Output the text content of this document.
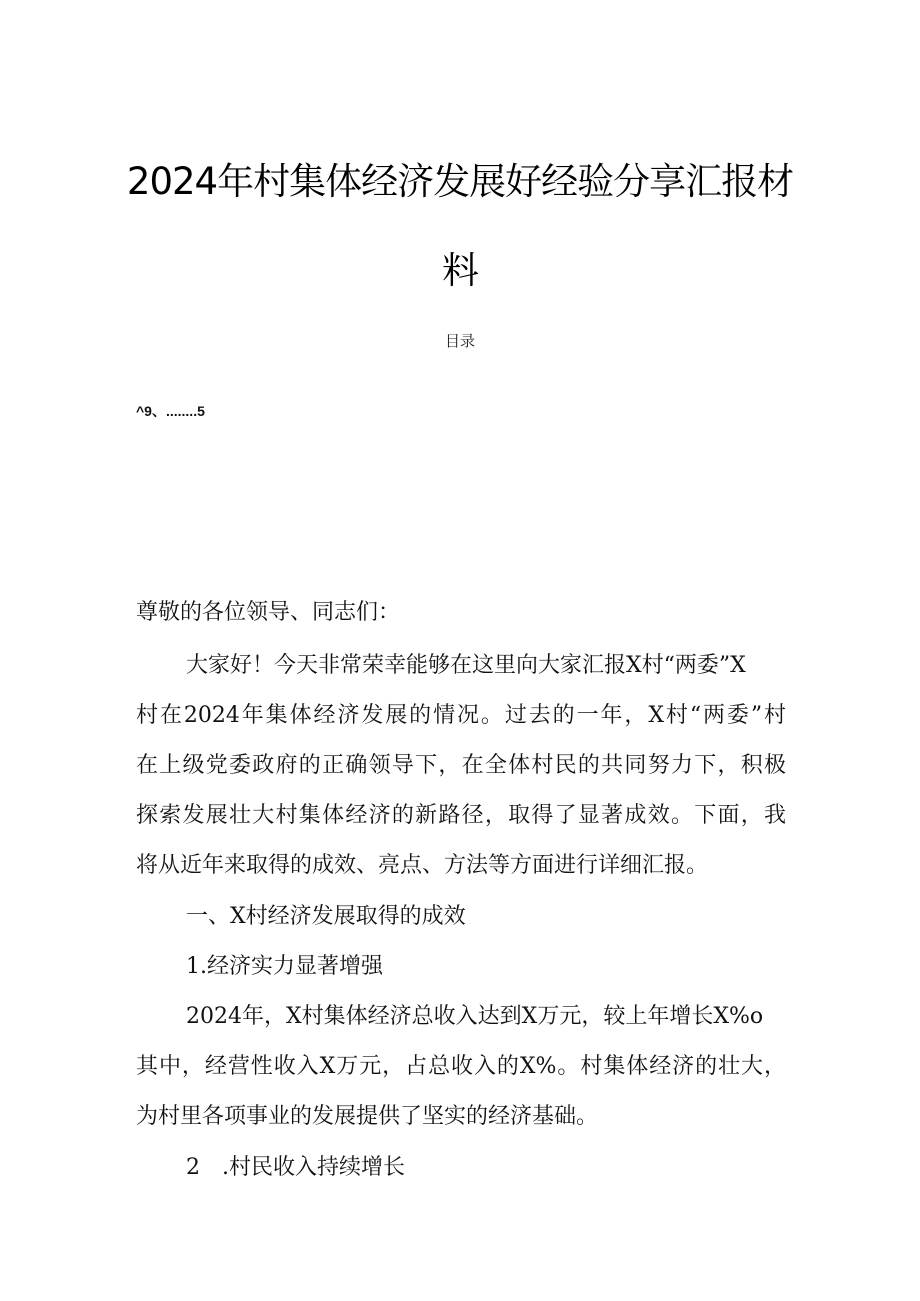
2024年村集体经济发展好经验分享汇报材
料
目录
^9、........5
尊敬的各位领导、同志们：
大家好！今天非常荣幸能够在这里向大家汇报X村“两委”X
村在2024年集体经济发展的情况。过去的一年，X村“两委”村
在上级党委政府的正确领导下，在全体村民的共同努力下，积极
探索发展壮大村集体经济的新路径，取得了显著成效。下面，我
将从近年来取得的成效、亮点、方法等方面进行详细汇报。
一、X村经济发展取得的成效
1.经济实力显著增强
2024年，X村集体经济总收入达到X万元，较上年增长X%o
其中，经营性收入X万元，占总收入的X%。村集体经济的壮大，
为村里各项事业的发展提供了坚实的经济基础。
2　.村民收入持续增长
